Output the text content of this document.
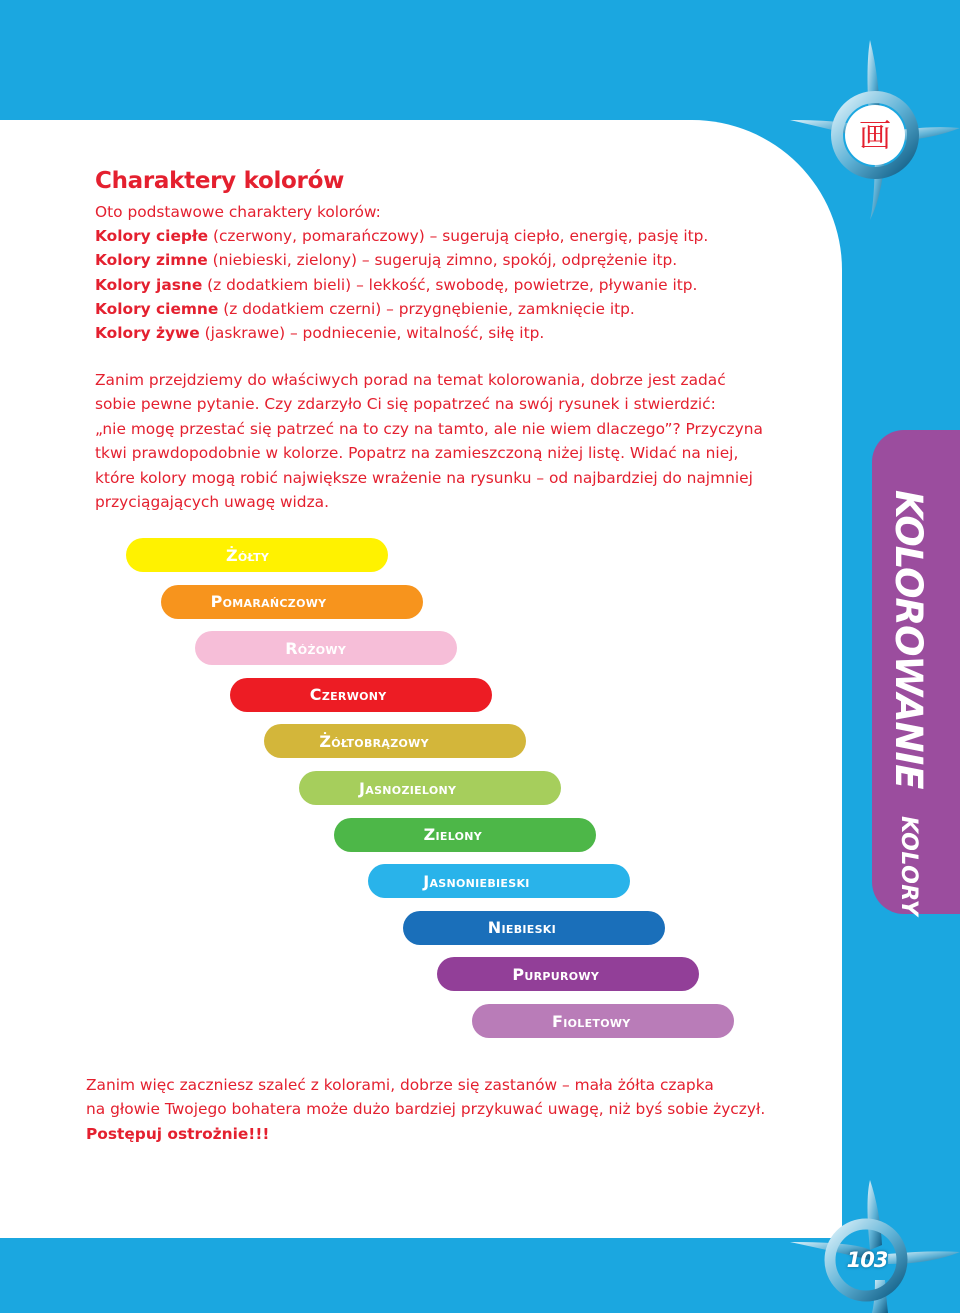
画
103
Charaktery kolorów
Oto podstawowe charaktery kolorów:
Kolory ciepłe (czerwony, pomarańczowy) – sugerują ciepło, energię, pasję itp.
Kolory zimne (niebieski, zielony) – sugerują zimno, spokój, odprężenie itp.
Kolory jasne (z dodatkiem bieli) – lekkość, swobodę, powietrze, pływanie itp.
Kolory ciemne (z dodatkiem czerni) – przygnębienie, zamknięcie itp.
Kolory żywe (jaskrawe) – podniecenie, witalność, siłę itp.
Zanim przejdziemy do właściwych porad na temat kolorowania, dobrze jest zadać
sobie pewne pytanie. Czy zdarzyło Ci się popatrzeć na swój rysunek i stwierdzić:
„nie mogę przestać się patrzeć na to czy na tamto, ale nie wiem dlaczego”? Przyczyna
tkwi prawdopodobnie w kolorze. Popatrz na zamieszczoną niżej listę. Widać na niej,
które kolory mogą robić największe wrażenie na rysunku – od najbardziej do najmniej
przyciągających uwagę widza.
Żółty
Pomarańczowy
Różowy
Czerwony
Żółtobrązowy
Jasnozielony
Zielony
Jasnoniebieski
Niebieski
Purpurowy
Fioletowy
KOLOROWANIE KOLORY
Zanim więc zaczniesz szaleć z kolorami, dobrze się zastanów – mała żółta czapka
na głowie Twojego bohatera może dużo bardziej przykuwać uwagę, niż byś sobie życzył.
Postępuj ostrożnie!!!
